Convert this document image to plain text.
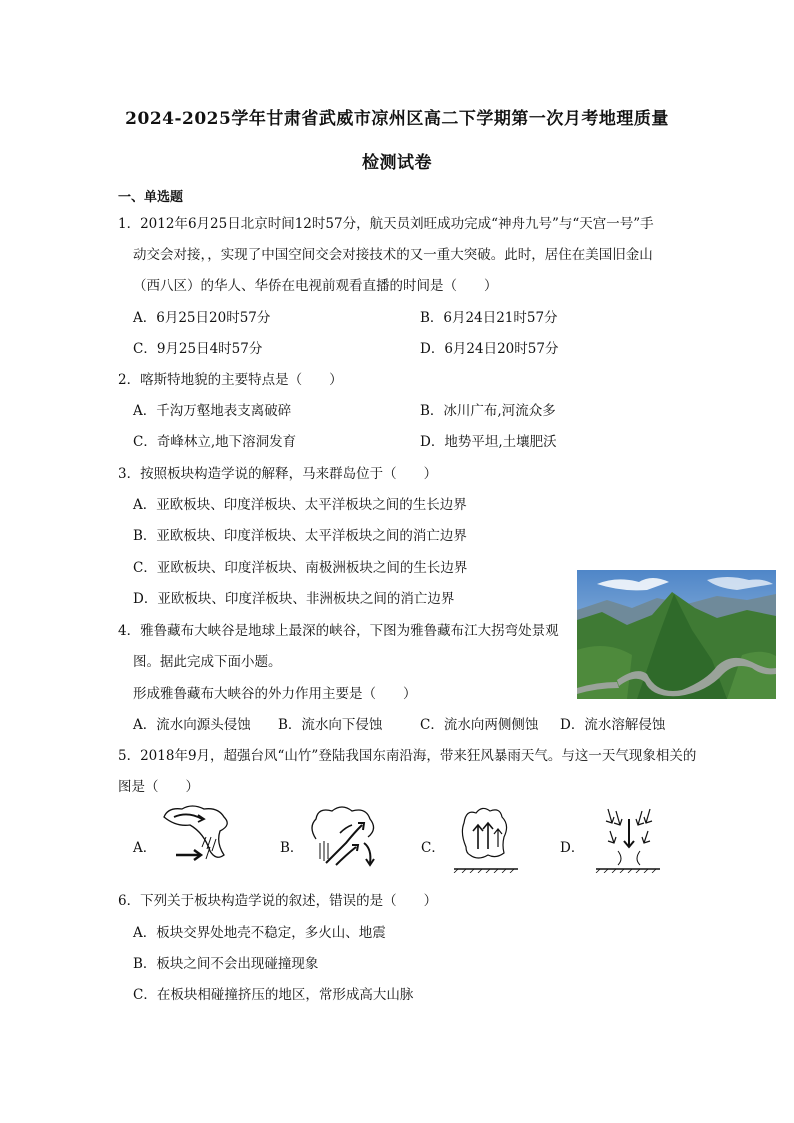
2024-2025学年甘肃省武威市凉州区高二下学期第一次月考地理质量
检测试卷
一、单选题
1．2012年6月25日北京时间12时57分，航天员刘旺成功完成“神舟九号”与“天宫一号”手
动交会对接，，实现了中国空间交会对接技术的又一重大突破。此时，居住在美国旧金山
（西八区）的华人、华侨在电视前观看直播的时间是（　　）
A．6月25日20时57分	B．6月24日21时57分
C．9月25日4时57分	D．6月24日20时57分
2．喀斯特地貌的主要特点是（　　）
A．千沟万壑地表支离破碎	B．冰川广布,河流众多
C．奇峰林立,地下溶洞发育	D．地势平坦,土壤肥沃
3．按照板块构造学说的解释，马来群岛位于（　　）
A．亚欧板块、印度洋板块、太平洋板块之间的生长边界
B．亚欧板块、印度洋板块、太平洋板块之间的消亡边界
C．亚欧板块、印度洋板块、南极洲板块之间的生长边界
D．亚欧板块、印度洋板块、非洲板块之间的消亡边界
4．雅鲁藏布大峡谷是地球上最深的峡谷，下图为雅鲁藏布江大拐弯处景观
图。据此完成下面小题。
形成雅鲁藏布大峡谷的外力作用主要是（　　）
A．流水向源头侵蚀 B．流水向下侵蚀	C．流水向两侧侧蚀 D．流水溶解侵蚀
5．2018年9月，超强台风“山竹”登陆我国东南沿海，带来狂风暴雨天气。与这一天气现象相关的
图是（　　）
A．	B．	C．	D．
6．下列关于板块构造学说的叙述，错误的是（　　）
A．板块交界处地壳不稳定，多火山、地震
B．板块之间不会出现碰撞现象
C．在板块相碰撞挤压的地区，常形成高大山脉
